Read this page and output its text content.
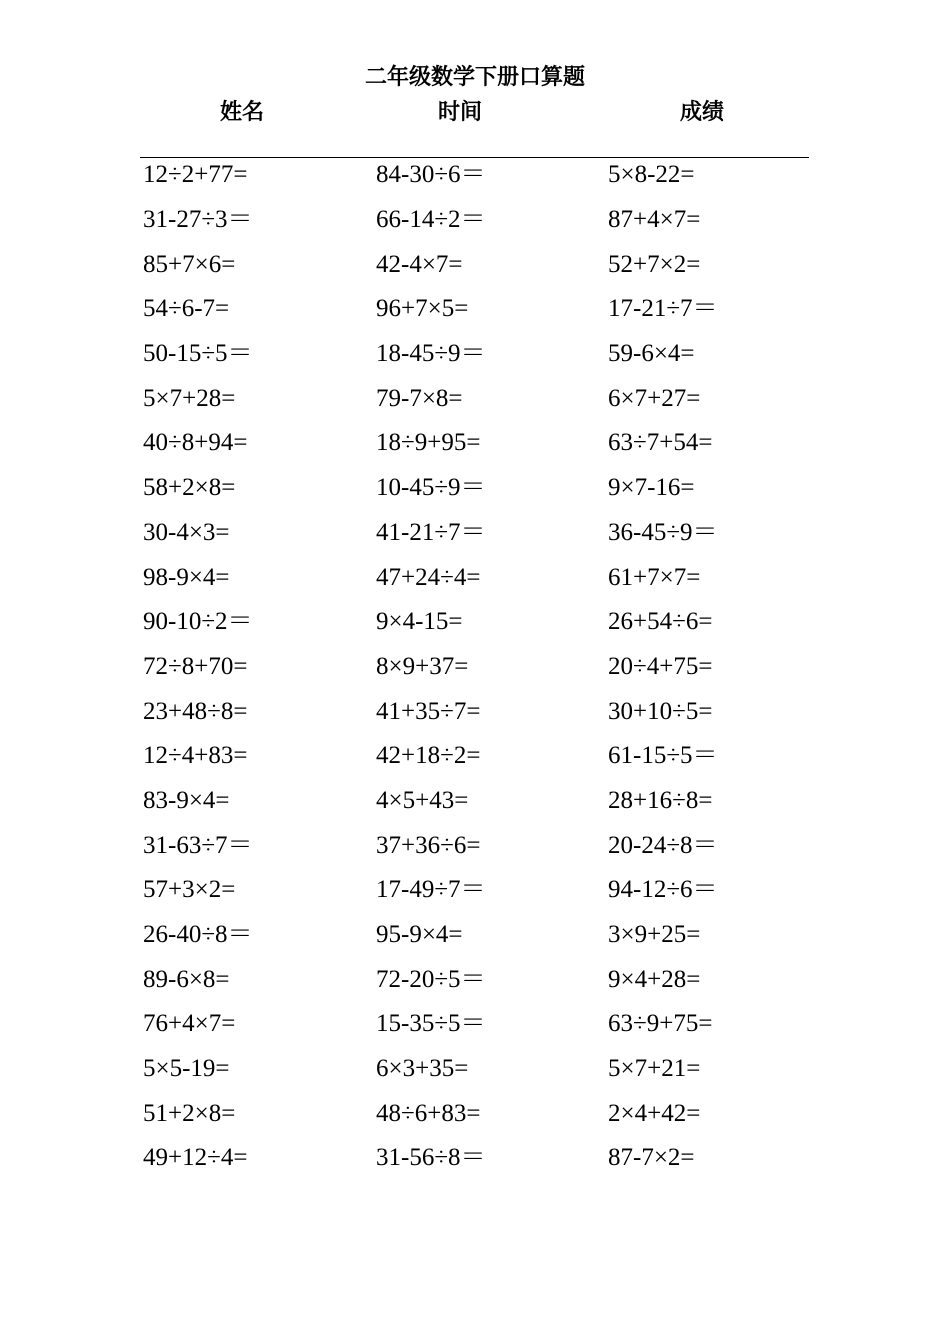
二年级数学下册口算题
姓名	时间	成绩
12÷2+77=	84-30÷6＝	5×8-22=
31-27÷3＝	66-14÷2＝	87+4×7=
85+7×6=	42-4×7=	52+7×2=
54÷6-7=	96+7×5=	17-21÷7＝
50-15÷5＝	18-45÷9＝	59-6×4=
5×7+28=	79-7×8=	6×7+27=
40÷8+94=	18÷9+95=	63÷7+54=
58+2×8=	10-45÷9＝	9×7-16=
30-4×3=	41-21÷7＝	36-45÷9＝
98-9×4=	47+24÷4=	61+7×7=
90-10÷2＝	9×4-15=	26+54÷6=
72÷8+70=	8×9+37=	20÷4+75=
23+48÷8=	41+35÷7=	30+10÷5=
12÷4+83=	42+18÷2=	61-15÷5＝
83-9×4=	4×5+43=	28+16÷8=
31-63÷7＝	37+36÷6=	20-24÷8＝
57+3×2=	17-49÷7＝	94-12÷6＝
26-40÷8＝	95-9×4=	3×9+25=
89-6×8=	72-20÷5＝	9×4+28=
76+4×7=	15-35÷5＝	63÷9+75=
5×5-19=	6×3+35=	5×7+21=
51+2×8=	48÷6+83=	2×4+42=
49+12÷4=	31-56÷8＝	87-7×2=
